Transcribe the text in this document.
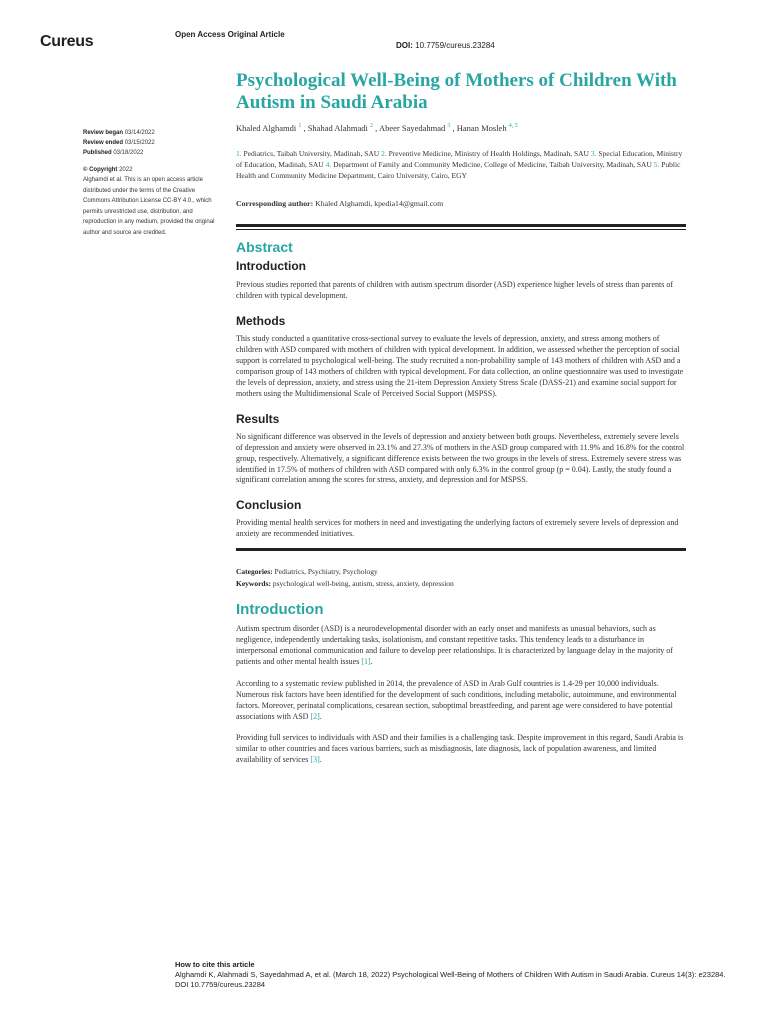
Cureus	Open Access Original Article
DOI: 10.7759/cureus.23284
Review began 03/14/2022
Review ended 03/15/2022
Published 03/18/2022
© Copyright 2022
Alghamdi et al. This is an open access article distributed under the terms of the Creative Commons Attribution License CC-BY 4.0., which permits unrestricted use, distribution, and reproduction in any medium, provided the original author and source are credited.
Psychological Well-Being of Mothers of Children With Autism in Saudi Arabia
Khaled Alghamdi $^1$ , Shahad Alahmadi $^2$ , Abeer Sayedahmad $^3$ , Hanan Mosleh $^{4, 5}$
1. Pediatrics, Taibah University, Madinah, SAU 2. Preventive Medicine, Ministry of Health Holdings, Madinah, SAU 3. Special Education, Ministry of Education, Madinah, SAU 4. Department of Family and Community Medicine, College of Medicine, Taibah University, Madinah, SAU 5. Public Health and Community Medicine Department, Cairo University, Cairo, EGY
Corresponding author: Khaled Alghamdi, kpedia14@gmail.com
Abstract
Introduction

Previous studies reported that parents of children with autism spectrum disorder (ASD) experience higher levels of stress than parents of children with typical development.

Methods

This study conducted a quantitative cross-sectional survey to evaluate the levels of depression, anxiety, and stress among mothers of children with ASD compared with mothers of children with typical development. In addition, we assessed whether the perception of social support is correlated to psychological well-being. The study recruited a non-probability sample of 143 mothers of children with ASD and a comparison group of 143 mothers of children with typical development. For data collection, an online questionnaire was used to investigate the levels of depression, anxiety, and stress using the 21-item Depression Anxiety Stress Scale (DASS-21) and examine social support for mothers using the Multidimensional Scale of Perceived Social Support (MSPSS).

Results

No significant difference was observed in the levels of depression and anxiety between both groups. Nevertheless, extremely severe levels of depression and anxiety were observed in 23.1% and 27.3% of mothers in the ASD group compared with 11.9% and 16.8% for the control group, respectively. Alternatively, a significant difference exists between the two groups in the levels of stress. Extremely severe stress was identified in 17.5% of mothers of children with ASD compared with only 6.3% in the control group (p = 0.04). Lastly, the study found a significant correlation among the scores for stress, anxiety, and depression and for MSPSS.

Conclusion

Providing mental health services for mothers in need and investigating the underlying factors of extremely severe levels of depression and anxiety are recommended initiatives.

Categories: Pediatrics, Psychiatry, Psychology
Keywords: psychological well-being, autism, stress, anxiety, depression
Introduction

Autism spectrum disorder (ASD) is a neurodevelopmental disorder with an early onset and manifests as unusual behaviors, such as negligence, independently undertaking tasks, isolationism, and constant repetitive tasks. This tendency leads to a disturbance in interpersonal emotional communication and failure to develop peer relationships. It is characterized by language delay in the majority of patients and other mental health issues [1].

According to a systematic review published in 2014, the prevalence of ASD in Arab Gulf countries is 1.4-29 per 10,000 individuals. Numerous risk factors have been identified for the development of such conditions, including metabolic, autoimmune, and environmental factors. Moreover, perinatal complications, cesarean section, suboptimal breastfeeding, and parent age were considered to have potential associations with ASD [2].

Providing full services to individuals with ASD and their families is a challenging task. Despite improvement in this regard, Saudi Arabia is similar to other countries and faces various barriers, such as misdiagnosis, late diagnosis, lack of population awareness, and limited availability of services [3].

How to cite this article
Alghamdi K, Alahmadi S, Sayedahmad A, et al. (March 18, 2022) Psychological Well-Being of Mothers of Children With Autism in Saudi Arabia. Cureus 14(3): e23284. DOI 10.7759/cureus.23284
